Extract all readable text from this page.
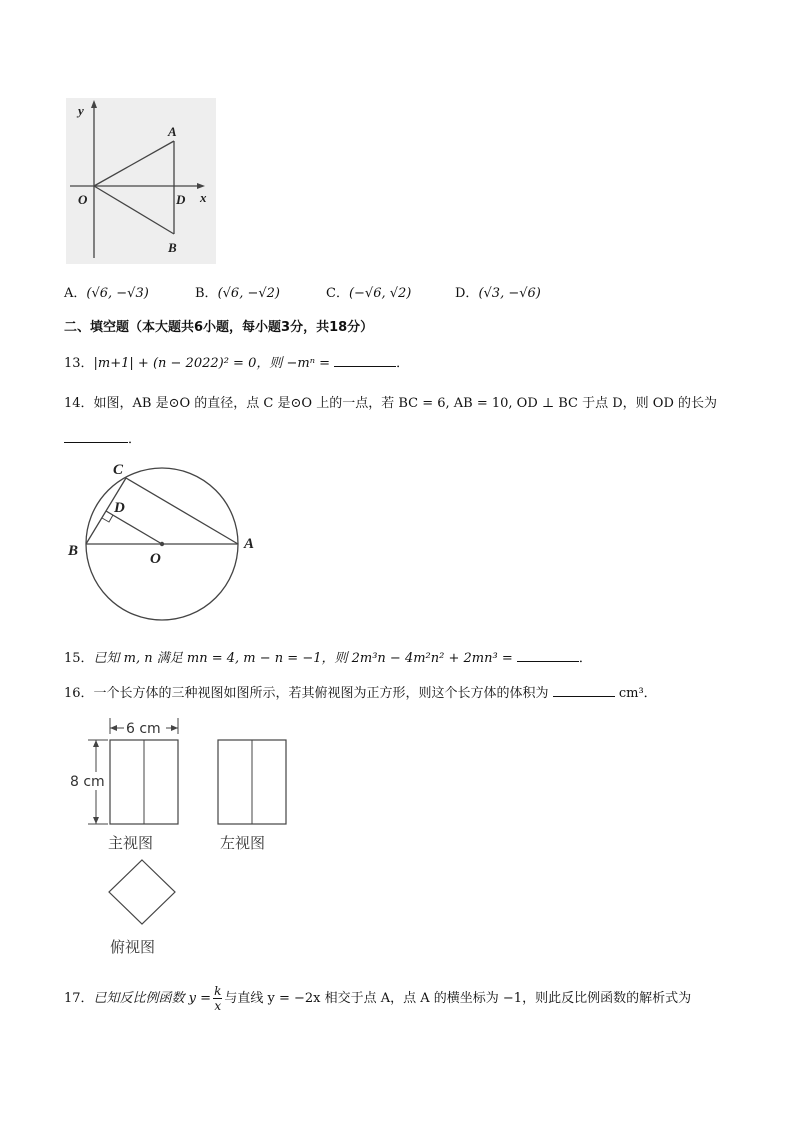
y
x
O
A
B
D
A．(√6, −√3)	B．(√6, −√2)	C．(−√6, √2)	D．(√3, −√6)
二、填空题（本大题共6小题，每小题3分，共18分）
13．|m+1| + (n − 2022)² = 0，则 −mⁿ =	．
14．如图，AB 是⊙O 的直径，点 C 是⊙O 上的一点，若 BC = 6, AB = 10, OD ⊥ BC 于点 D，则 OD 的长为
．
C
D
B	O
A
15．已知 m, n 满足 mn = 4, m − n = −1，则 2m³n − 4m²n² + 2mn³ =	．
16．一个长方体的三种视图如图所示，若其俯视图为正方形，则这个长方体的体积为	cm³．
6 cm
8 cm
主视图	左视图
俯视图
17．已知反比例函数 $y = \frac{k}{x}$ 与直线 y = −2x 相交于点 A，点 A 的横坐标为 −1，则此反比例函数的解析式为
